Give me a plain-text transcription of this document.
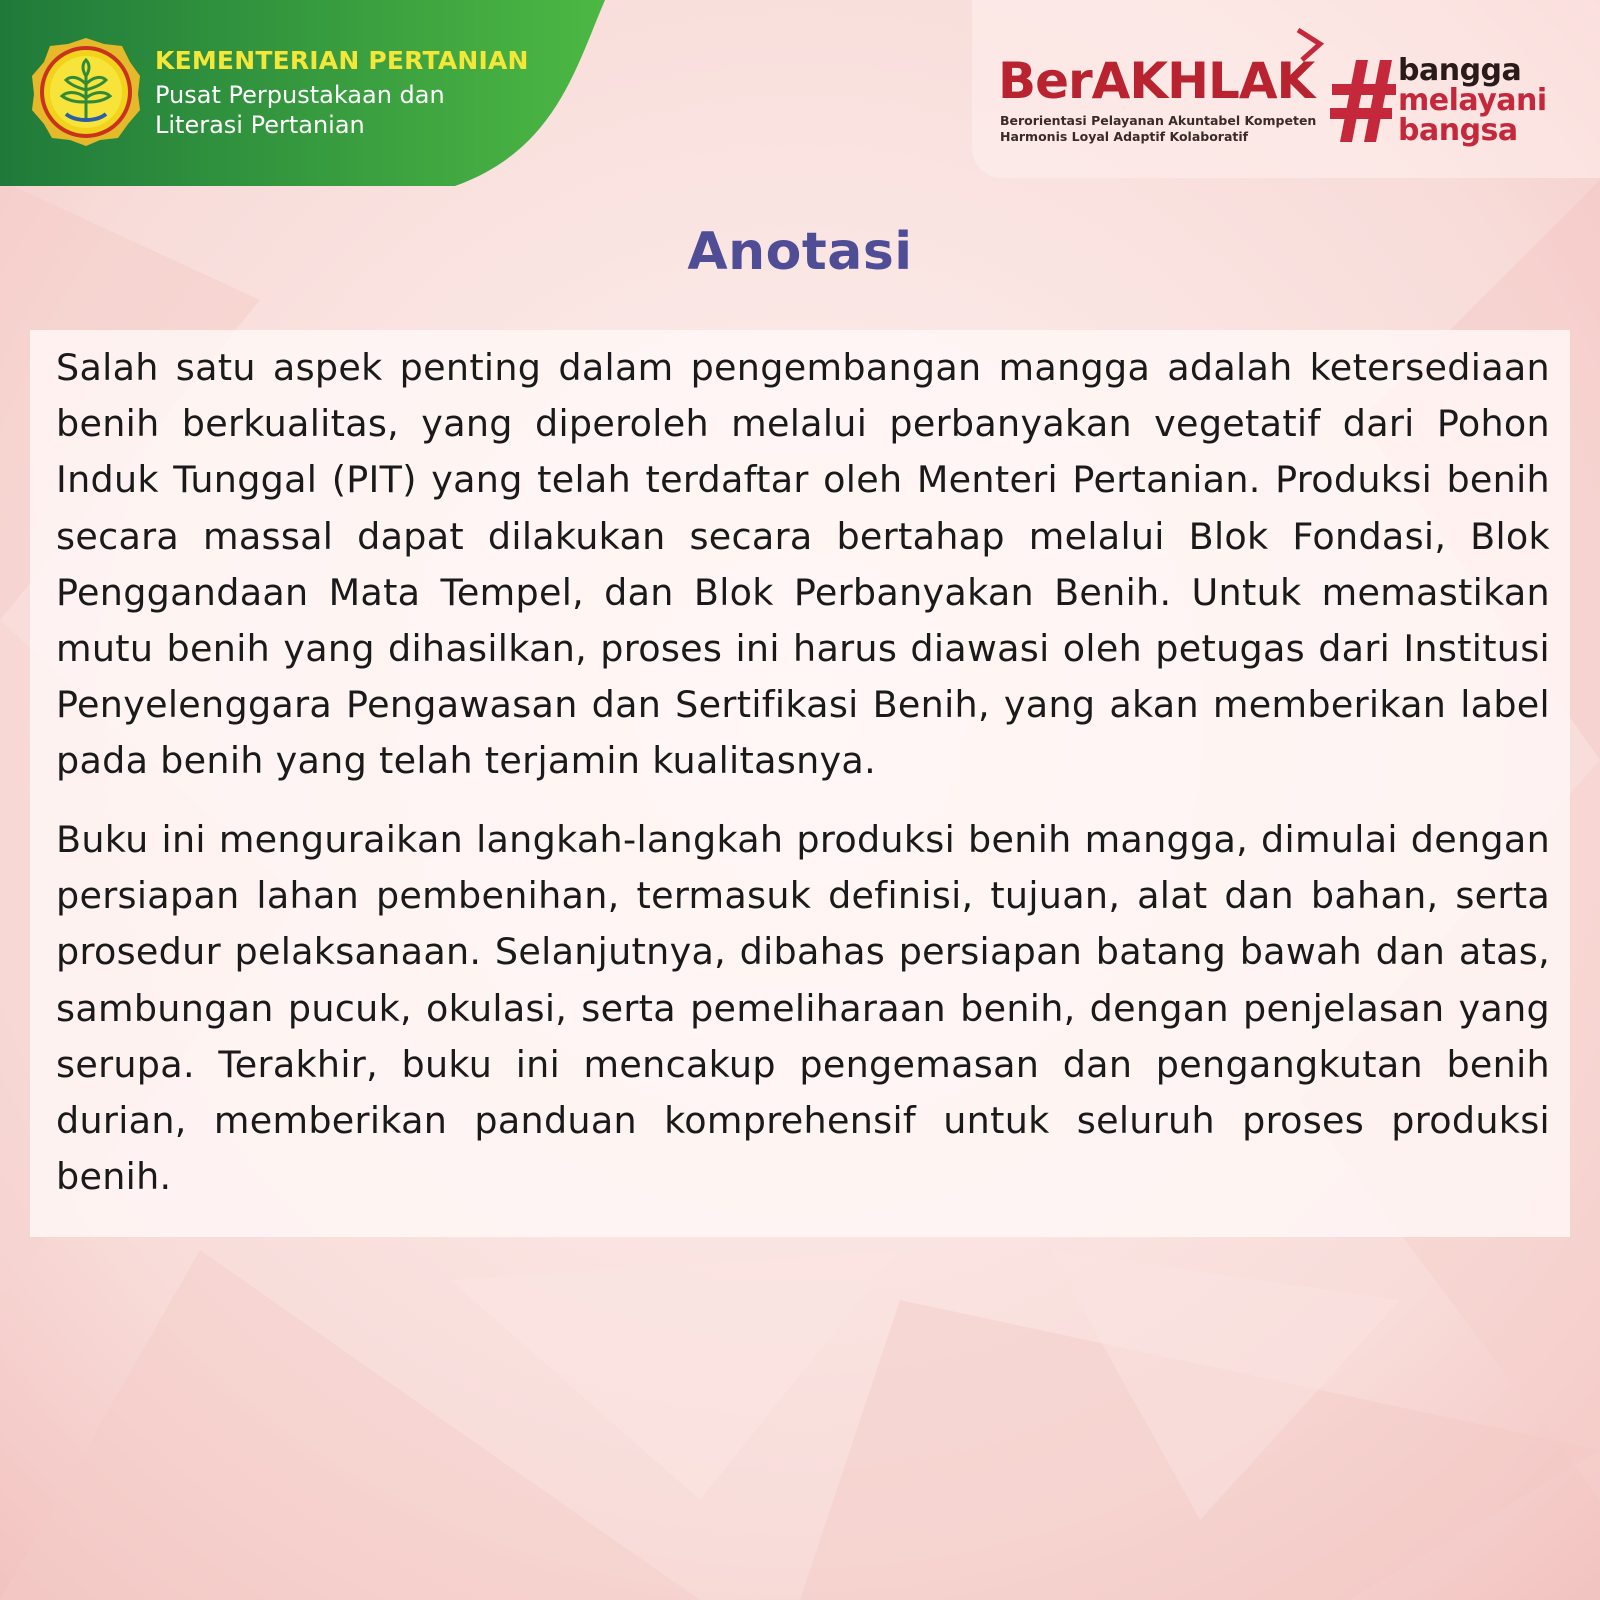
KEMENTERIAN PERTANIAN
Pusat Perpustakaan dan
Literasi Pertanian
BerAKHLAK
Berorientasi Pelayanan Akuntabel Kompeten
Harmonis Loyal Adaptif Kolaboratif
bangga
melayani
bangsa
Anotasi

Salah satu aspek penting dalam pengembangan mangga adalah ketersediaan benih berkualitas, yang diperoleh melalui perbanyakan vegetatif dari Pohon Induk Tunggal (PIT) yang telah terdaftar oleh Menteri Pertanian. Produksi benih secara massal dapat dilakukan secara bertahap melalui Blok Fondasi, Blok Penggandaan Mata Tempel, dan Blok Perbanyakan Benih. Untuk memastikan mutu benih yang dihasilkan, proses ini harus diawasi oleh petugas dari Institusi Penyelenggara Pengawasan dan Sertifikasi Benih, yang akan memberikan label pada benih yang telah terjamin kualitasnya.

Buku ini menguraikan langkah-langkah produksi benih mangga, dimulai dengan persiapan lahan pembenihan, termasuk definisi, tujuan, alat dan bahan, serta prosedur pelaksanaan. Selanjutnya, dibahas persiapan batang bawah dan atas, sambungan pucuk, okulasi, serta pemeliharaan benih, dengan penjelasan yang serupa. Terakhir, buku ini mencakup pengemasan dan pengangkutan benih durian, memberikan panduan komprehensif untuk seluruh proses produksi benih.
